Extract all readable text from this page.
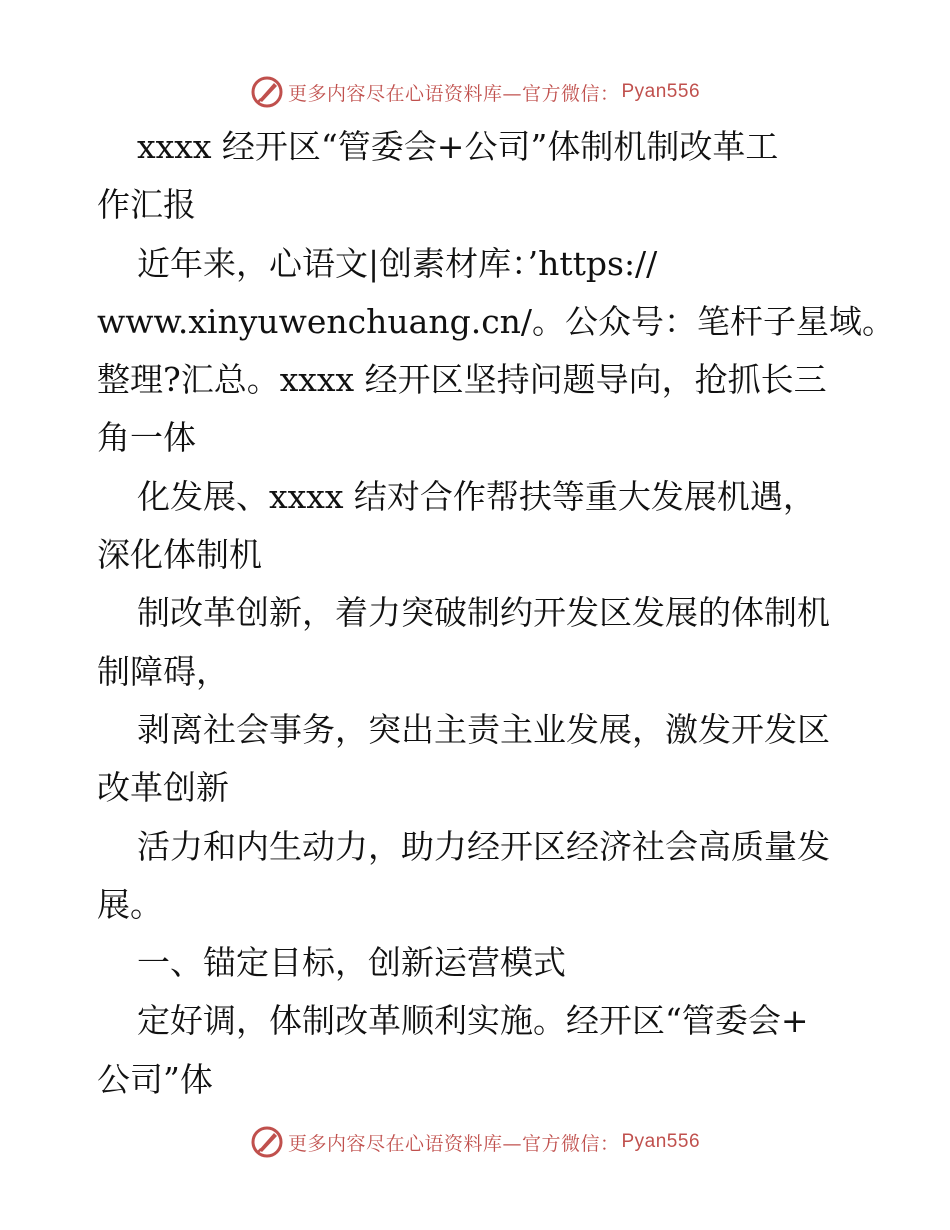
更多内容尽在心语资料库—官方微信： Pyan556
xxxx 经开区“管委会+公司”体制机制改革工
作汇报
近年来，心语文|创素材库：’https://
www.xinyuwenchuang.cn/。公众号：笔杆子星域。
整理?汇总。xxxx 经开区坚持问题导向，抢抓长三
角一体
化发展、xxxx 结对合作帮扶等重大发展机遇，
深化体制机
制改革创新，着力突破制约开发区发展的体制机
制障碍，
剥离社会事务，突出主责主业发展，激发开发区
改革创新
活力和内生动力，助力经开区经济社会高质量发
展。
一、锚定目标，创新运营模式
定好调，体制改革顺利实施。经开区“管委会+
公司”体
更多内容尽在心语资料库—官方微信： Pyan556
